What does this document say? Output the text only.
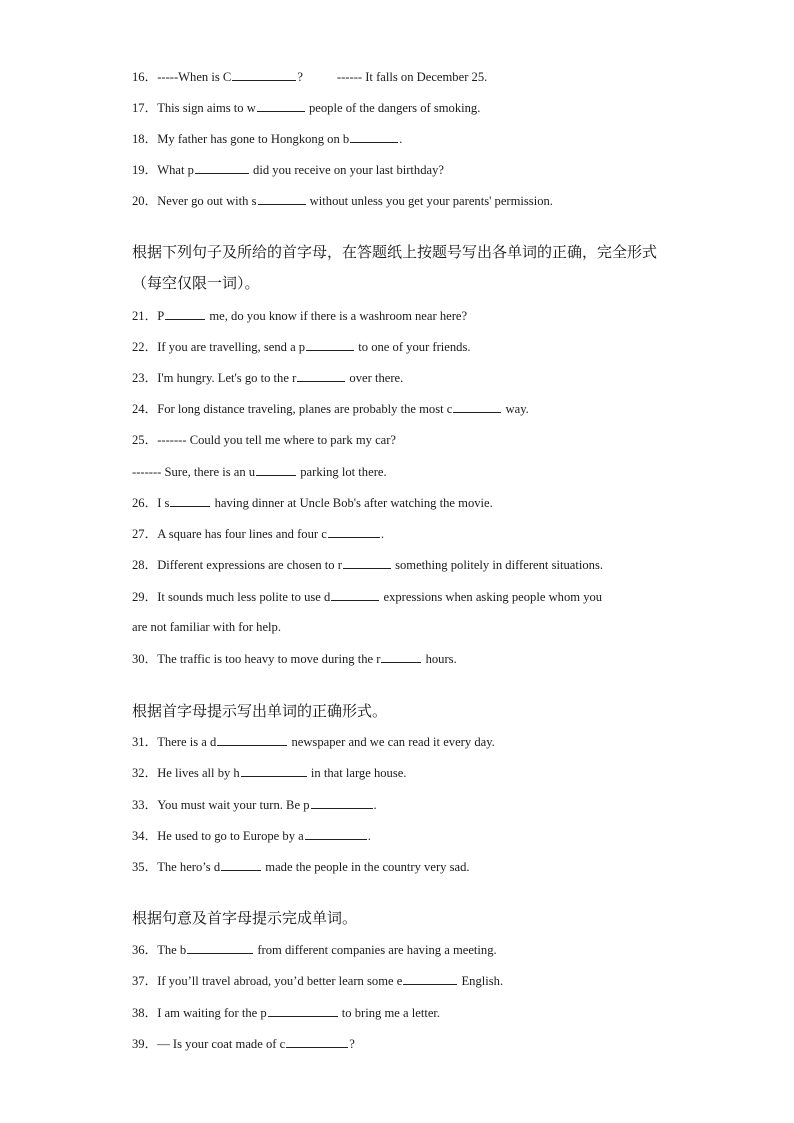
16．-----When is C	?	------ It falls on December 25.
17．This sign aims to w	people of the dangers of smoking.
18．My father has gone to Hongkong on b	.
19．What p	did you receive on your last birthday?
20．Never go out with s	without unless you get your parents' permission.
根据下列句子及所给的首字母，在答题纸上按题号写出各单词的正确，完全形式（每空仅限一词）。
21．P	me, do you know if there is a washroom near here?
22．If you are travelling, send a p	to one of your friends.
23．I'm hungry. Let's go to the r	over there.
24．For long distance traveling, planes are probably the most c	way.
25．------- Could you tell me where to park my car?
------- Sure, there is an u	parking lot there.
26．I s	having dinner at Uncle Bob's after watching the movie.
27．A square has four lines and four c	.
28．Different expressions are chosen to r	something politely in different situations.
29．It sounds much less polite to use d	expressions when asking people whom you
are not familiar with for help.
30．The traffic is too heavy to move during the r	hours.
根据首字母提示写出单词的正确形式。
31．There is a d	newspaper and we can read it every day.
32．He lives all by h	in that large house.
33．You must wait your turn. Be p	.
34．He used to go to Europe by a	.
35．The hero’s d	made the people in the country very sad.
根据句意及首字母提示完成单词。
36．The b	from different companies are having a meeting.
37．If you’ll travel abroad, you’d better learn some e	English.
38．I am waiting for the p	to bring me a letter.
39．— Is your coat made of c	?
